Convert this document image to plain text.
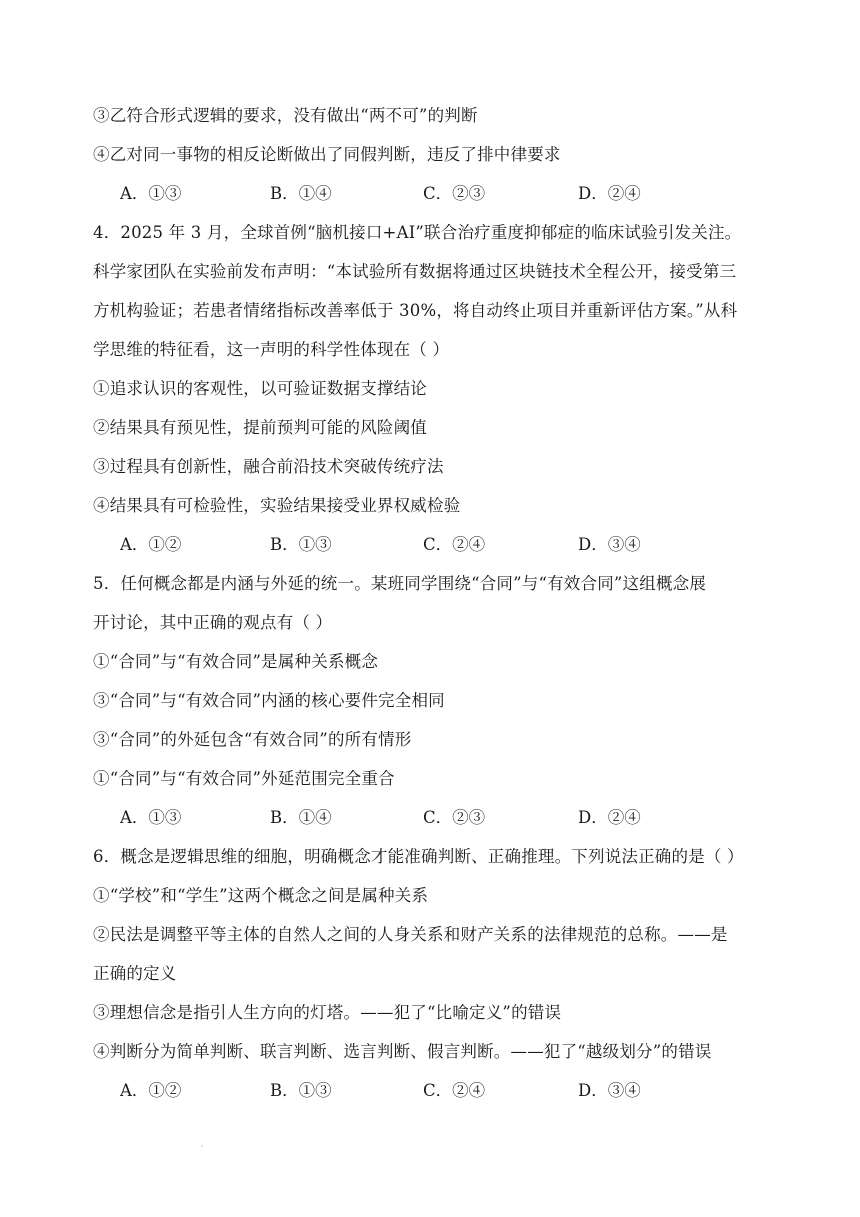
③乙符合形式逻辑的要求，没有做出“两不可”的判断
④乙对同一事物的相反论断做出了同假判断，违反了排中律要求
A．①③	B．①④	C．②③	D．②④
4．2025 年 3 月，全球首例“脑机接口+AI”联合治疗重度抑郁症的临床试验引发关注。
科学家团队在实验前发布声明：“本试验所有数据将通过区块链技术全程公开，接受第三
方机构验证；若患者情绪指标改善率低于 30%，将自动终止项目并重新评估方案。”从科
学思维的特征看，这一声明的科学性体现在（ ）
①追求认识的客观性，以可验证数据支撑结论
②结果具有预见性，提前预判可能的风险阈值
③过程具有创新性，融合前沿技术突破传统疗法
④结果具有可检验性，实验结果接受业界权威检验
A．①②	B．①③	C．②④	D．③④
5．任何概念都是内涵与外延的统一。某班同学围绕“合同”与“有效合同”这组概念展
开讨论，其中正确的观点有（ ）
①“合同”与“有效合同”是属种关系概念
③“合同”与“有效合同”内涵的核心要件完全相同
③“合同”的外延包含“有效合同”的所有情形
①“合同”与“有效合同”外延范围完全重合
A．①③	B．①④	C．②③	D．②④
6．概念是逻辑思维的细胞，明确概念才能准确判断、正确推理。下列说法正确的是（ ）
①“学校”和“学生”这两个概念之间是属种关系
②民法是调整平等主体的自然人之间的人身关系和财产关系的法律规范的总称。——是
正确的定义
③理想信念是指引人生方向的灯塔。——犯了“比喻定义”的错误
④判断分为简单判断、联言判断、选言判断、假言判断。——犯了“越级划分”的错误
A．①②	B．①③	C．②④	D．③④
